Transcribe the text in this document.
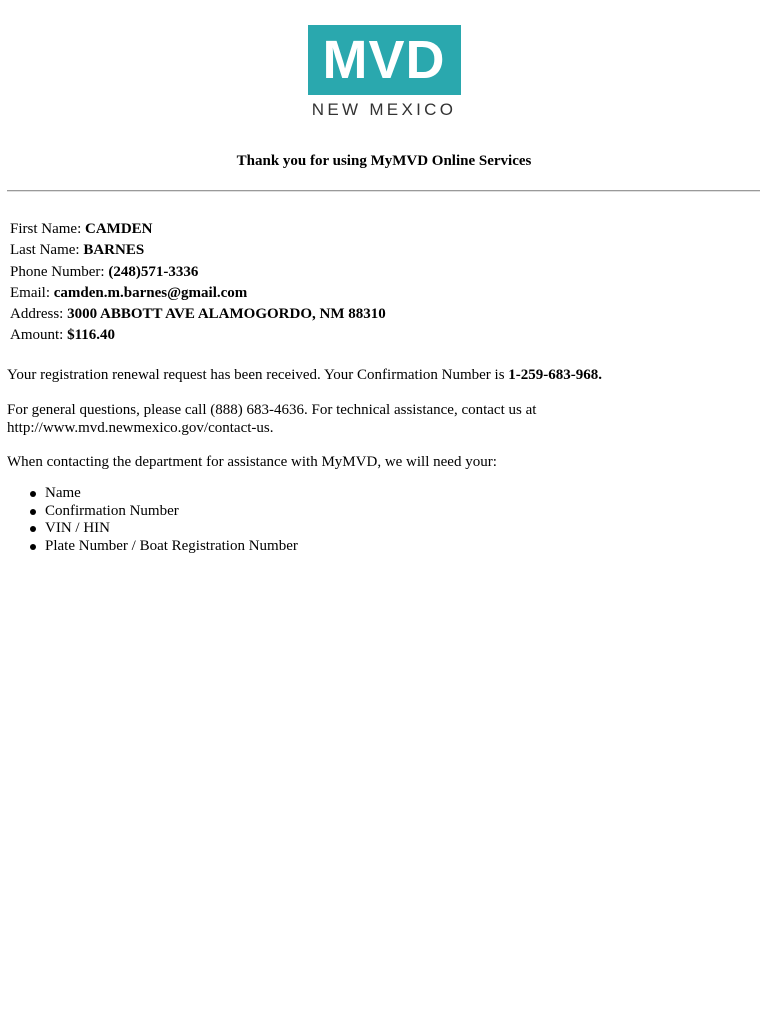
MVD
NEW MEXICO
Thank you for using MyMVD Online Services
First Name: CAMDEN
Last Name: BARNES
Phone Number: (248)571-3336
Email: camden.m.barnes@gmail.com
Address: 3000 ABBOTT AVE ALAMOGORDO, NM 88310
Amount: $116.40

Your registration renewal request has been received. Your Confirmation Number is 1-259-683-968.

For general questions, please call (888) 683-4636. For technical assistance, contact us at http://www.mvd.newmexico.gov/contact-us.

When contacting the department for assistance with MyMVD, we will need your:

Name
Confirmation Number
VIN / HIN
Plate Number / Boat Registration Number
